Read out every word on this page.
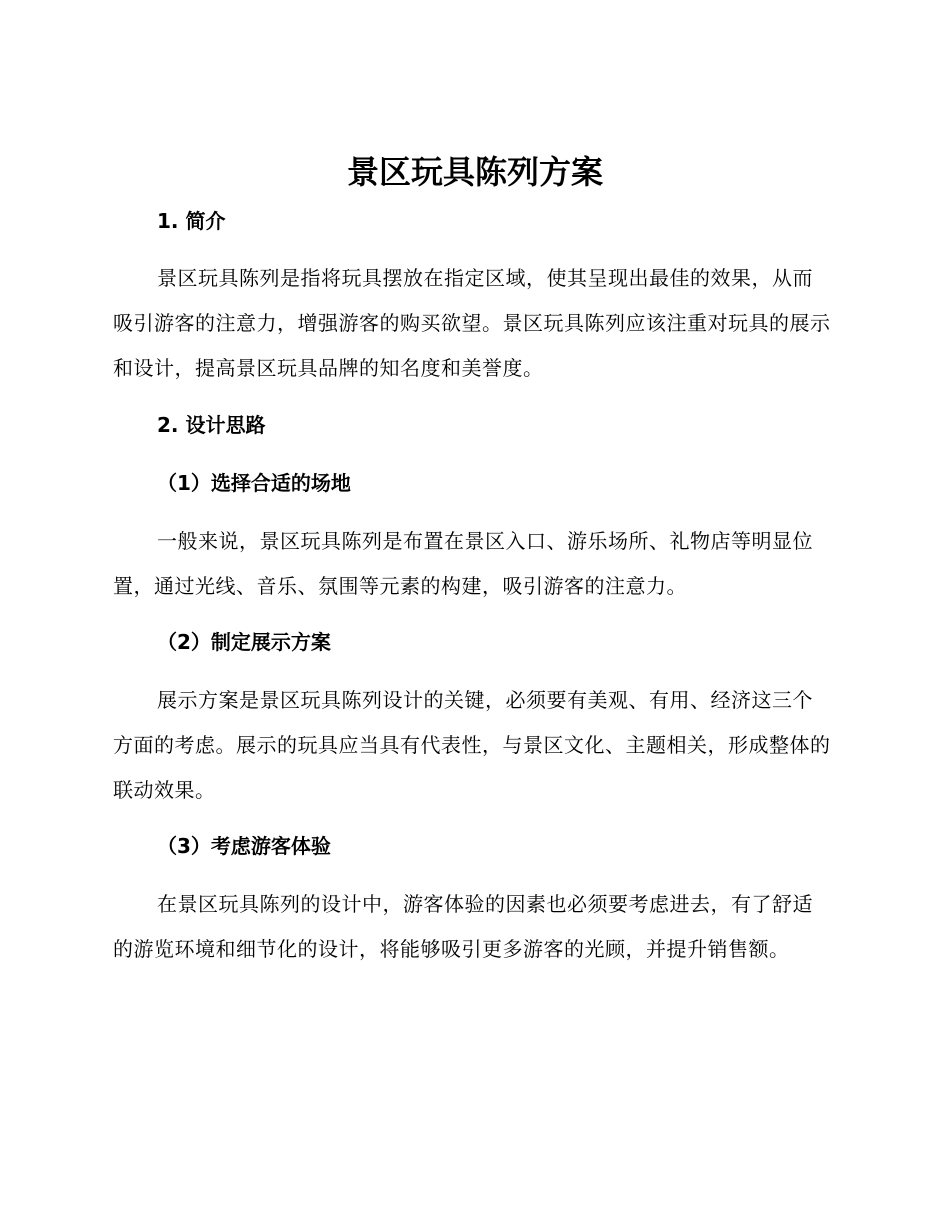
景区玩具陈列方案
1. 简介

景区玩具陈列是指将玩具摆放在指定区域，使其呈现出最佳的效果，从而吸引游客的注意力，增强游客的购买欲望。景区玩具陈列应该注重对玩具的展示和设计，提高景区玩具品牌的知名度和美誉度。

2. 设计思路
（1）选择合适的场地

一般来说，景区玩具陈列是布置在景区入口、游乐场所、礼物店等明显位置，通过光线、音乐、氛围等元素的构建，吸引游客的注意力。

（2）制定展示方案

展示方案是景区玩具陈列设计的关键，必须要有美观、有用、经济这三个方面的考虑。展示的玩具应当具有代表性，与景区文化、主题相关，形成整体的联动效果。

（3）考虑游客体验

在景区玩具陈列的设计中，游客体验的因素也必须要考虑进去，有了舒适的游览环境和细节化的设计，将能够吸引更多游客的光顾，并提升销售额。
